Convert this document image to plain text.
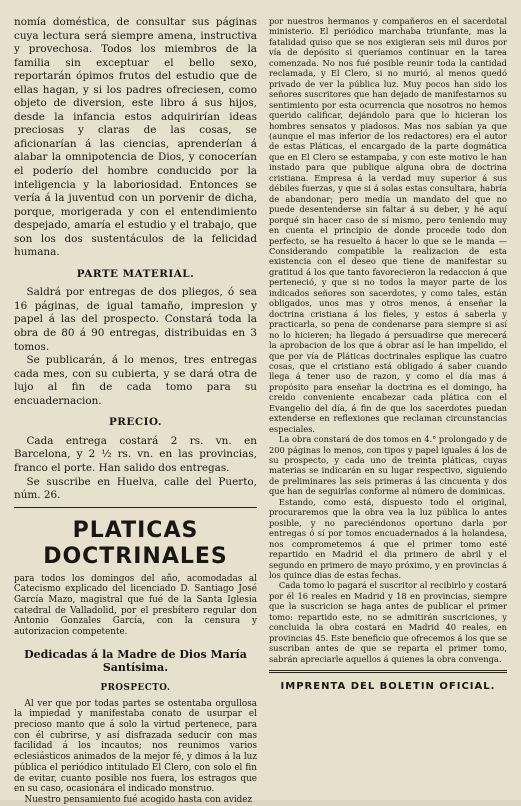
nomía doméstica, de consultar sus páginas cuya lectura será siempre amena, instructiva y provechosa. Todos los miembros de la familia sin exceptuar el bello sexo, reportarán ópimos frutos del estudio que de ellas hagan, y si los padres ofreciesen, como objeto de diversion, este libro á sus hijos, desde la infancia estos adquirirían ideas preciosas y claras de las cosas, se aficionarían á las ciencias, aprenderían á alabar la omnipotencia de Dios, y conocerían el poderío del hombre conducido por la inteligencia y la laboriosidad. Entonces se vería á la juventud con un porvenir de dicha, porque, morigerada y con el entendimiento despejado, amaría el estudio y el trabajo, que son los dos sustentáculos de la felicidad humana.

PARTE MATERIAL.

Saldrá por entregas de dos pliegos, ó sea 16 páginas, de igual tamaño, impresion y papel á las del prospecto. Constará toda la obra de 80 á 90 entregas, distribuidas en 3 tomos.

Se publicarán, á lo menos, tres entregas cada mes, con su cubierta, y se dará otra de lujo al fin de cada tomo para su encuadernacion.

PRECIO.

Cada entrega costará 2 rs. vn. en Barcelona, y 2 ½ rs. vn. en las provincias, franco el porte. Han salido dos entregas.

Se suscribe en Huelva, calle del Puerto, núm. 26.

PLATICAS DOCTRINALES

para todos los domingos del año, acomodadas al Catecismo explicado del licenciado D. Santiago José García Mazo, magistral que fué de la Santa Iglesia catedral de Valladolid, por el presbítero regular don Antonio Gonzales García, con la censura y autorizacion competente.

Dedicadas á la Madre de Dios María Santísima.
PROSPECTO.

Al ver que por todas partes se ostentaba orgullosa la impiedad y manifestaba conato de usurpar el precioso manto que á solo la virtud pertenece, para con él cubrirse, y así disfrazada seducir con mas facilidad á los incautos; nos reunimos varios eclesiásticos animados de la mejor fé, y dimos á la luz pública el periódico intitulado El Clero, con solo el fin de evitar, cuanto posible nos fuera, los estragos que en su caso, ocasionára el indicado monstruo.

Nuestro pensamiento fué acogido hasta con avidez

por nuestros hermanos y compañeros en el sacerdotal ministerio. El periódico marchaba triunfante, mas la fatalidad quiso que se nos exigieran seis mil duros por vía de depósito si queríamos continuar en la tarea comenzada. No nos fué posible reunir toda la cantidad reclamada, y El Clero, si no murió, al menos quedó privado de ver la pública luz. Muy pocos han sido los señores suscritores que han dejado de manifestarnos su sentimiento por esta ocurrencia que nosotros no hemos querido calificar, dejándolo para que lo hicieran los hombres sensatos y piadosos. Mas nos sabían ya que (aunque el mas inferior de los redactores) era el autor de estas Pláticas, el encargado de la parte dogmática que en El Clero se estampaba, y con este motivo le han instado para que publique alguna obra de doctrina cristiana. Empresa á la verdad muy superior á sus débiles fuerzas, y que si á solas estas consultara, habría de abandonar; pero medía un mandato del que no puede desentenderse sin faltar á su deber, y hé aquí porqué sin hacer caso de sí mismo, pero teniendo muy en cuenta el principio de donde procede todo don perfecto, se ha resuelto á hacer lo que se le manda —Considerando compatible la realizacion de esta existencia con el deseo que tiene de manifestar su gratitud á los que tanto favorecieron la redaccion á que perteneció, y que si no todos la mayor parte de los indicados señores son sacerdotes, y como tales, están obligados, unos mas y otros menos, á enseñar la doctrina cristiana á los fieles, y estos á saberla y practicarla, so pena de condenarse para siempre si así no lo hicieren; ha llegado á persuadirse que merecerá la aprobacion de los que á obrar así le han impelido, el que por vía de Pláticas doctrinales esplique las cuatro cosas, que el cristiano está obligado á saber cuando llega á tener uso de razon, y como el día mas á propósito para enseñar la doctrina es el domingo, ha creido conveniente encabezar cada plática con el Evangelio del día, á fin de que los sacerdotes puedan extenderse en reflexiones que reclaman circunstancias especiales.

La obra constará de dos tomos en 4.° prolongado y de 200 páginas lo menos, con tipos y papel iguales á los de su prospecto, y cada uno de treinta pláticas, cuyas materias se indicarán en su lugar respectivo, siguiendo de preliminares las seis primeras á las cincuenta y dos que han de seguirlas conforme al número de dominicas.

Estando, como está, dispuesto todo el original, procuraremos que la obra vea la luz pública lo antes posible, y no pareciéndonos oportuno darla por entregas ó sí por tomos encuadernados á la holandesa, nos comprometemos á que el primer tomo esté repartido en Madrid el dia primero de abril y el segundo en primero de mayo próximo, y en provincias á los quince dias de estas fechas.

Cada tomo lo pagará el suscritor al recibirlo y costará por él 16 reales en Madrid y 18 en provincias, siempre que la suscricion se haga antes de publicar el primer tomo: repartido este, no se admitirán suscriciones, y concluida la obra costará en Madrid 40 reales, en provincias 45. Este beneficio que ofrecemos á los que se suscriban antes de que se reparta el primer tomo, sabrán apreciarle aquellos á quienes la obra convenga.

IMPRENTA DEL BOLETIN OFICIAL.
